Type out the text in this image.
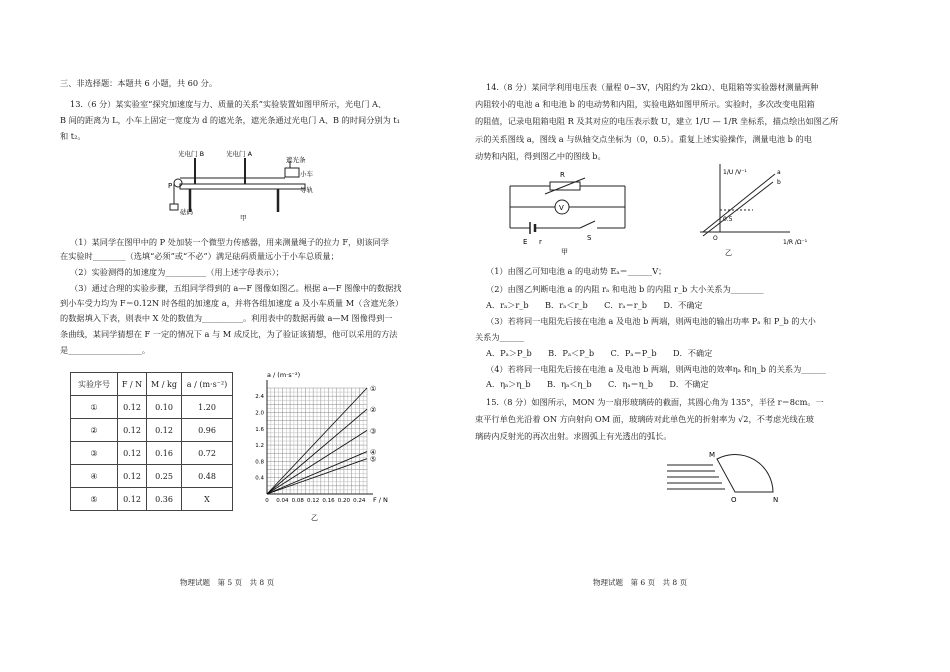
三、非选择题：本题共 6 小题，共 60 分。
13.（6 分）某实验室“探究加速度与力、质量的关系”实验装置如图甲所示，光电门 A、
B 间的距离为 L，小车上固定一宽度为 d 的遮光条，遮光条通过光电门 A、B 的时间分别为 t₁
和 t₂。
光电门 B	光电门 A
遮光条
小车
导轨
P
砝码
甲
（1）某同学在图甲中的 P 处加装一个微型力传感器，用来测量绳子的拉力 F，则该同学
在实验时________（选填“必须”或“不必”）满足砝码质量远小于小车总质量；
（2）实验测得的加速度为__________（用上述字母表示）；
（3）通过合理的实验步骤，五组同学得到的 a—F 图像如图乙。根据 a—F 图像中的数据找
到小车受力均为 F＝0.12N 时各组的加速度 a，并将各组加速度 a 及小车质量 M（含遮光条）
的数据填入下表，则表中 X 处的数值为__________。利用表中的数据再做 a—M 图像得到一
条曲线，某同学猜想在 F 一定的情况下 a 与 M 成反比，为了验证该猜想，他可以采用的方法
是__________________。
实验序号	F / N	M / kg	a / (m·s⁻²)
①	0.12	0.10	1.20
②	0.12	0.12	0.96
③	0.12	0.16	0.72
④	0.12	0.25	0.48
⑤	0.12	0.36	X
a / (m·s⁻²)
F / N
乙
0.4
0.8
1.2
1.6
2.0
2.4
0 0.04 0.08 0.12 0.16 0.20 0.24
①
②
③
④
⑤
物理试题　第 5 页　共 8 页
14.（8 分）某同学利用电压表（量程 0~3V，内阻约为 2kΩ）、电阻箱等实验器材测量两种
内阻较小的电池 a 和电池 b 的电动势和内阻，实验电路如图甲所示。实验时，多次改变电阻箱
的阻值，记录电阻箱电阻 R 及其对应的电压表示数 U，建立 1/U — 1/R 坐标系，描点绘出如图乙所
示的关系图线 a，图线 a 与纵轴交点坐标为（0，0.5）。重复上述实验操作，测量电池 b 的电
动势和内阻，得到图乙中的图线 b。
R
V
E r	S
甲
1/U /V⁻¹
1/R /Ω⁻¹
O
0.5
a
b
乙
（1）由图乙可知电池 a 的电动势 Eₐ＝______V；
（2）由图乙判断电池 a 的内阻 rₐ 和电池 b 的内阻 r_b 大小关系为________
A．rₐ＞r_b　　B．rₐ＜r_b　　C．rₐ＝r_b　　D．不确定
（3）若将同一电阻先后接在电池 a 及电池 b 两端，则两电池的输出功率 Pₐ 和 P_b 的大小
关系为______
A．Pₐ＞P_b　　B．Pₐ＜P_b　　C．Pₐ＝P_b　　D．不确定
（4）若将同一电阻先后接在电池 a 及电池 b 两端，则两电池的效率ηₐ 和η_b 的关系为______
A．ηₐ＞η_b　　B．ηₐ＜η_b　　C．ηₐ＝η_b　　D．不确定
15.（8 分）如图所示，MON 为一扇形玻璃砖的截面，其圆心角为 135°，半径 r＝8cm。一
束平行单色光沿着 ON 方向射向 OM 面，玻璃砖对此单色光的折射率为 √2，不考虑光线在玻
璃砖内反射光的再次出射。求圆弧上有光透出的弧长。
M
O	N
物理试题　第 6 页　共 8 页
